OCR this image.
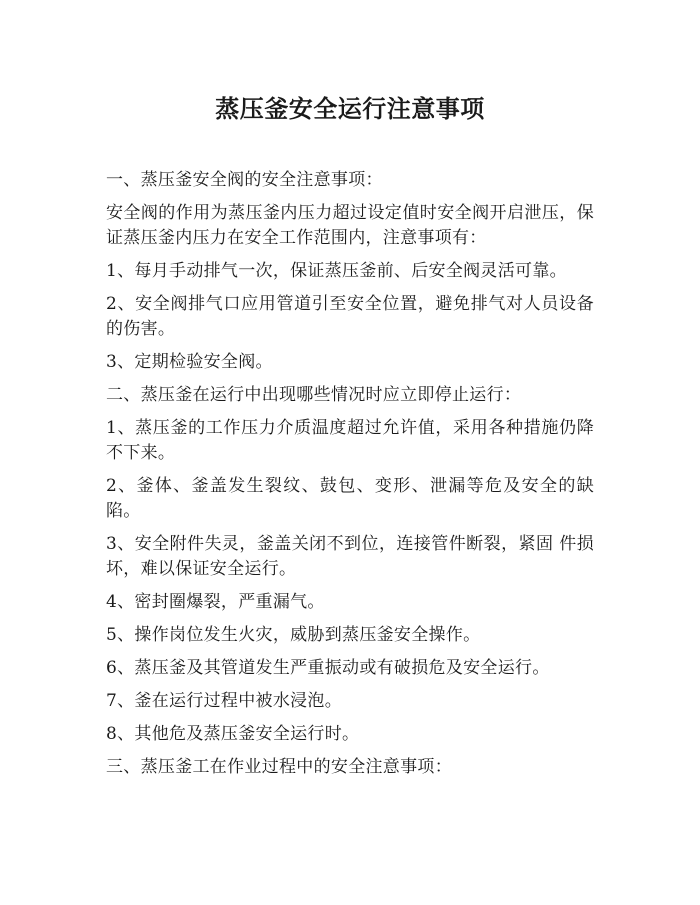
蒸压釜安全运行注意事项

一、蒸压釜安全阀的安全注意事项：

安全阀的作用为蒸压釜内压力超过设定值时安全阀开启泄压，保证蒸压釜内压力在安全工作范围内，注意事项有：

1、每月手动排气一次，保证蒸压釜前、后安全阀灵活可靠。

2、安全阀排气口应用管道引至安全位置，避免排气对人员设备的伤害。

3、定期检验安全阀。

二、蒸压釜在运行中出现哪些情况时应立即停止运行：

1、蒸压釜的工作压力介质温度超过允许值，采用各种措施仍降不下来。

2、釜体、釜盖发生裂纹、鼓包、变形、泄漏等危及安全的缺陷。

3、安全附件失灵，釜盖关闭不到位，连接管件断裂，紧固 件损坏，难以保证安全运行。

4、密封圈爆裂，严重漏气。

5、操作岗位发生火灾，威胁到蒸压釜安全操作。

6、蒸压釜及其管道发生严重振动或有破损危及安全运行。

7、釜在运行过程中被水浸泡。

8、其他危及蒸压釜安全运行时。

三、蒸压釜工在作业过程中的安全注意事项：
